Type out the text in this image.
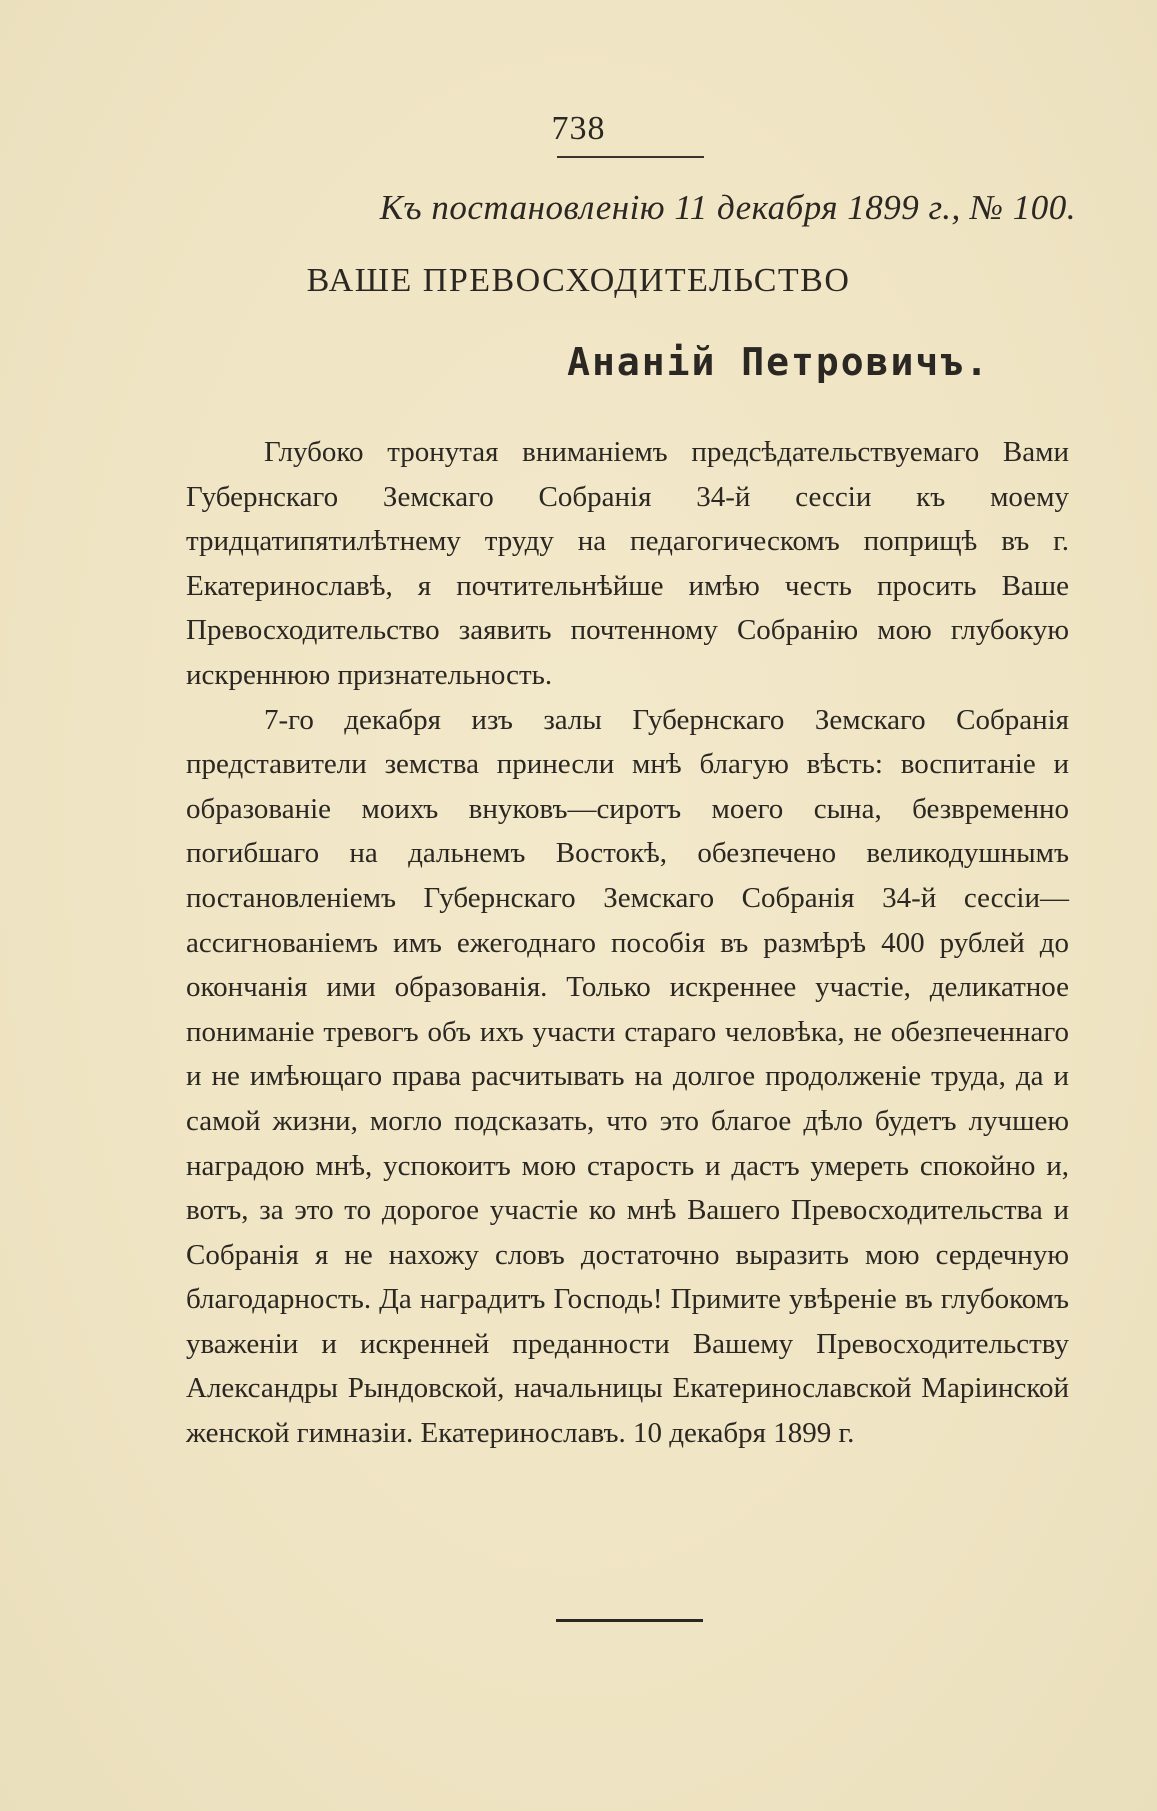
738
Къ постановленію 11 декабря 1899 г., № 100.
ВАШЕ ПРЕВОСХОДИТЕЛЬСТВО
Ананій Петровичъ.

Глубоко тронутая вниманіемъ предсѣдательствуемаго Вами Губернскаго Земскаго Собранія 34-й сессіи къ моему тридцатипятилѣтнему труду на педагогическомъ поприщѣ въ г. Екатеринославѣ, я почтительнѣйше имѣю честь просить Ваше Превосходительство заявить почтенному Собранію мою глубокую искреннюю признательность.

7-го декабря изъ залы Губернскаго Земскаго Собранія представители земства принесли мнѣ благую вѣсть: воспитаніе и образованіе моихъ внуковъ—сиротъ моего сына, безвременно погибшаго на дальнемъ Востокѣ, обезпечено великодушнымъ постановленіемъ Губернскаго Земскаго Собранія 34-й сессіи—ассигнованіемъ имъ ежегоднаго пособія въ размѣрѣ 400 рублей до окончанія ими образованія. Только искреннее участіе, деликатное пониманіе тревогъ объ ихъ участи стараго человѣка, не обезпеченнаго и не имѣющаго права расчитывать на долгое продолженіе труда, да и самой жизни, могло подсказать, что это благое дѣло будетъ лучшею наградою мнѣ, успокоитъ мою старость и дастъ умереть спокойно и, вотъ, за это то дорогое участіе ко мнѣ Вашего Превосходительства и Собранія я не нахожу словъ достаточно выразить мою сердечную благодарность. Да наградитъ Господь! Примите увѣреніе въ глубокомъ уваженіи и искренней преданности Вашему Превосходительству Александры Рындовской, начальницы Екатеринославской Маріинской женской гимназіи. Екатеринославъ. 10 декабря 1899 г.
